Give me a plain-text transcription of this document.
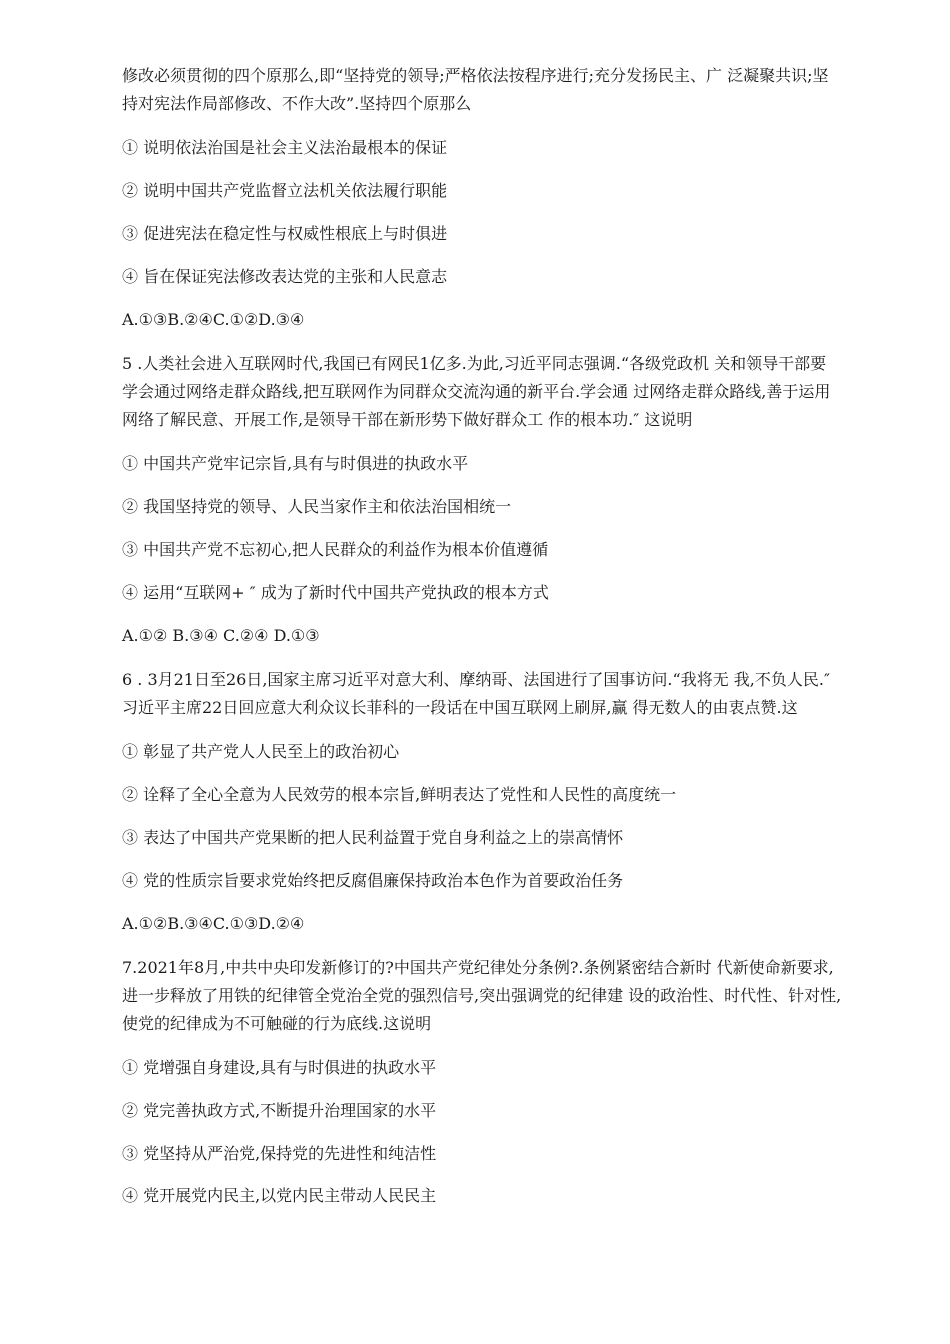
修改必须贯彻的四个原那么,即“坚持党的领导;严格依法按程序进行;充分发扬民主、广 泛凝聚共识;坚持对宪法作局部修改、不作大改”.坚持四个原那么

① 说明依法治国是社会主义法治最根本的保证

② 说明中国共产党监督立法机关依法履行职能

③ 促进宪法在稳定性与权威性根底上与时俱进

④ 旨在保证宪法修改表达党的主张和人民意志

A.①③B.②④C.①②D.③④

5 .人类社会进入互联网时代,我国已有网民1亿多.为此,习近平同志强调.“各级党政机 关和领导干部要学会通过网络走群众路线,把互联网作为同群众交流沟通的新平台.学会通 过网络走群众路线,善于运用网络了解民意、开展工作,是领导干部在新形势下做好群众工 作的根本功.″ 这说明

① 中国共产党牢记宗旨,具有与时俱进的执政水平

② 我国坚持党的领导、人民当家作主和依法治国相统一

③ 中国共产党不忘初心,把人民群众的利益作为根本价值遵循

④ 运用“互联网+ ″ 成为了新时代中国共产党执政的根本方式

A.①② B.③④ C.②④ D.①③

6 . 3月21日至26日,国家主席习近平对意大利、摩纳哥、法国进行了国事访问.“我将无 我,不负人民.″ 习近平主席22日回应意大利众议长菲科的一段话在中国互联网上刷屏,赢 得无数人的由衷点赞.这

① 彰显了共产党人人民至上的政治初心

② 诠释了全心全意为人民效劳的根本宗旨,鲜明表达了党性和人民性的高度统一

③ 表达了中国共产党果断的把人民利益置于党自身利益之上的崇高情怀

④ 党的性质宗旨要求党始终把反腐倡廉保持政治本色作为首要政治任务

A.①②B.③④C.①③D.②④

7.2021年8月,中共中央印发新修订的?中国共产党纪律处分条例?.条例紧密结合新时 代新使命新要求,进一步释放了用铁的纪律管全党治全党的强烈信号,突出强调党的纪律建 设的政治性、时代性、针对性,使党的纪律成为不可触碰的行为底线.这说明

① 党增强自身建设,具有与时俱进的执政水平

② 党完善执政方式,不断提升治理国家的水平

③ 党坚持从严治党,保持党的先进性和纯洁性

④ 党开展党内民主,以党内民主带动人民民主
